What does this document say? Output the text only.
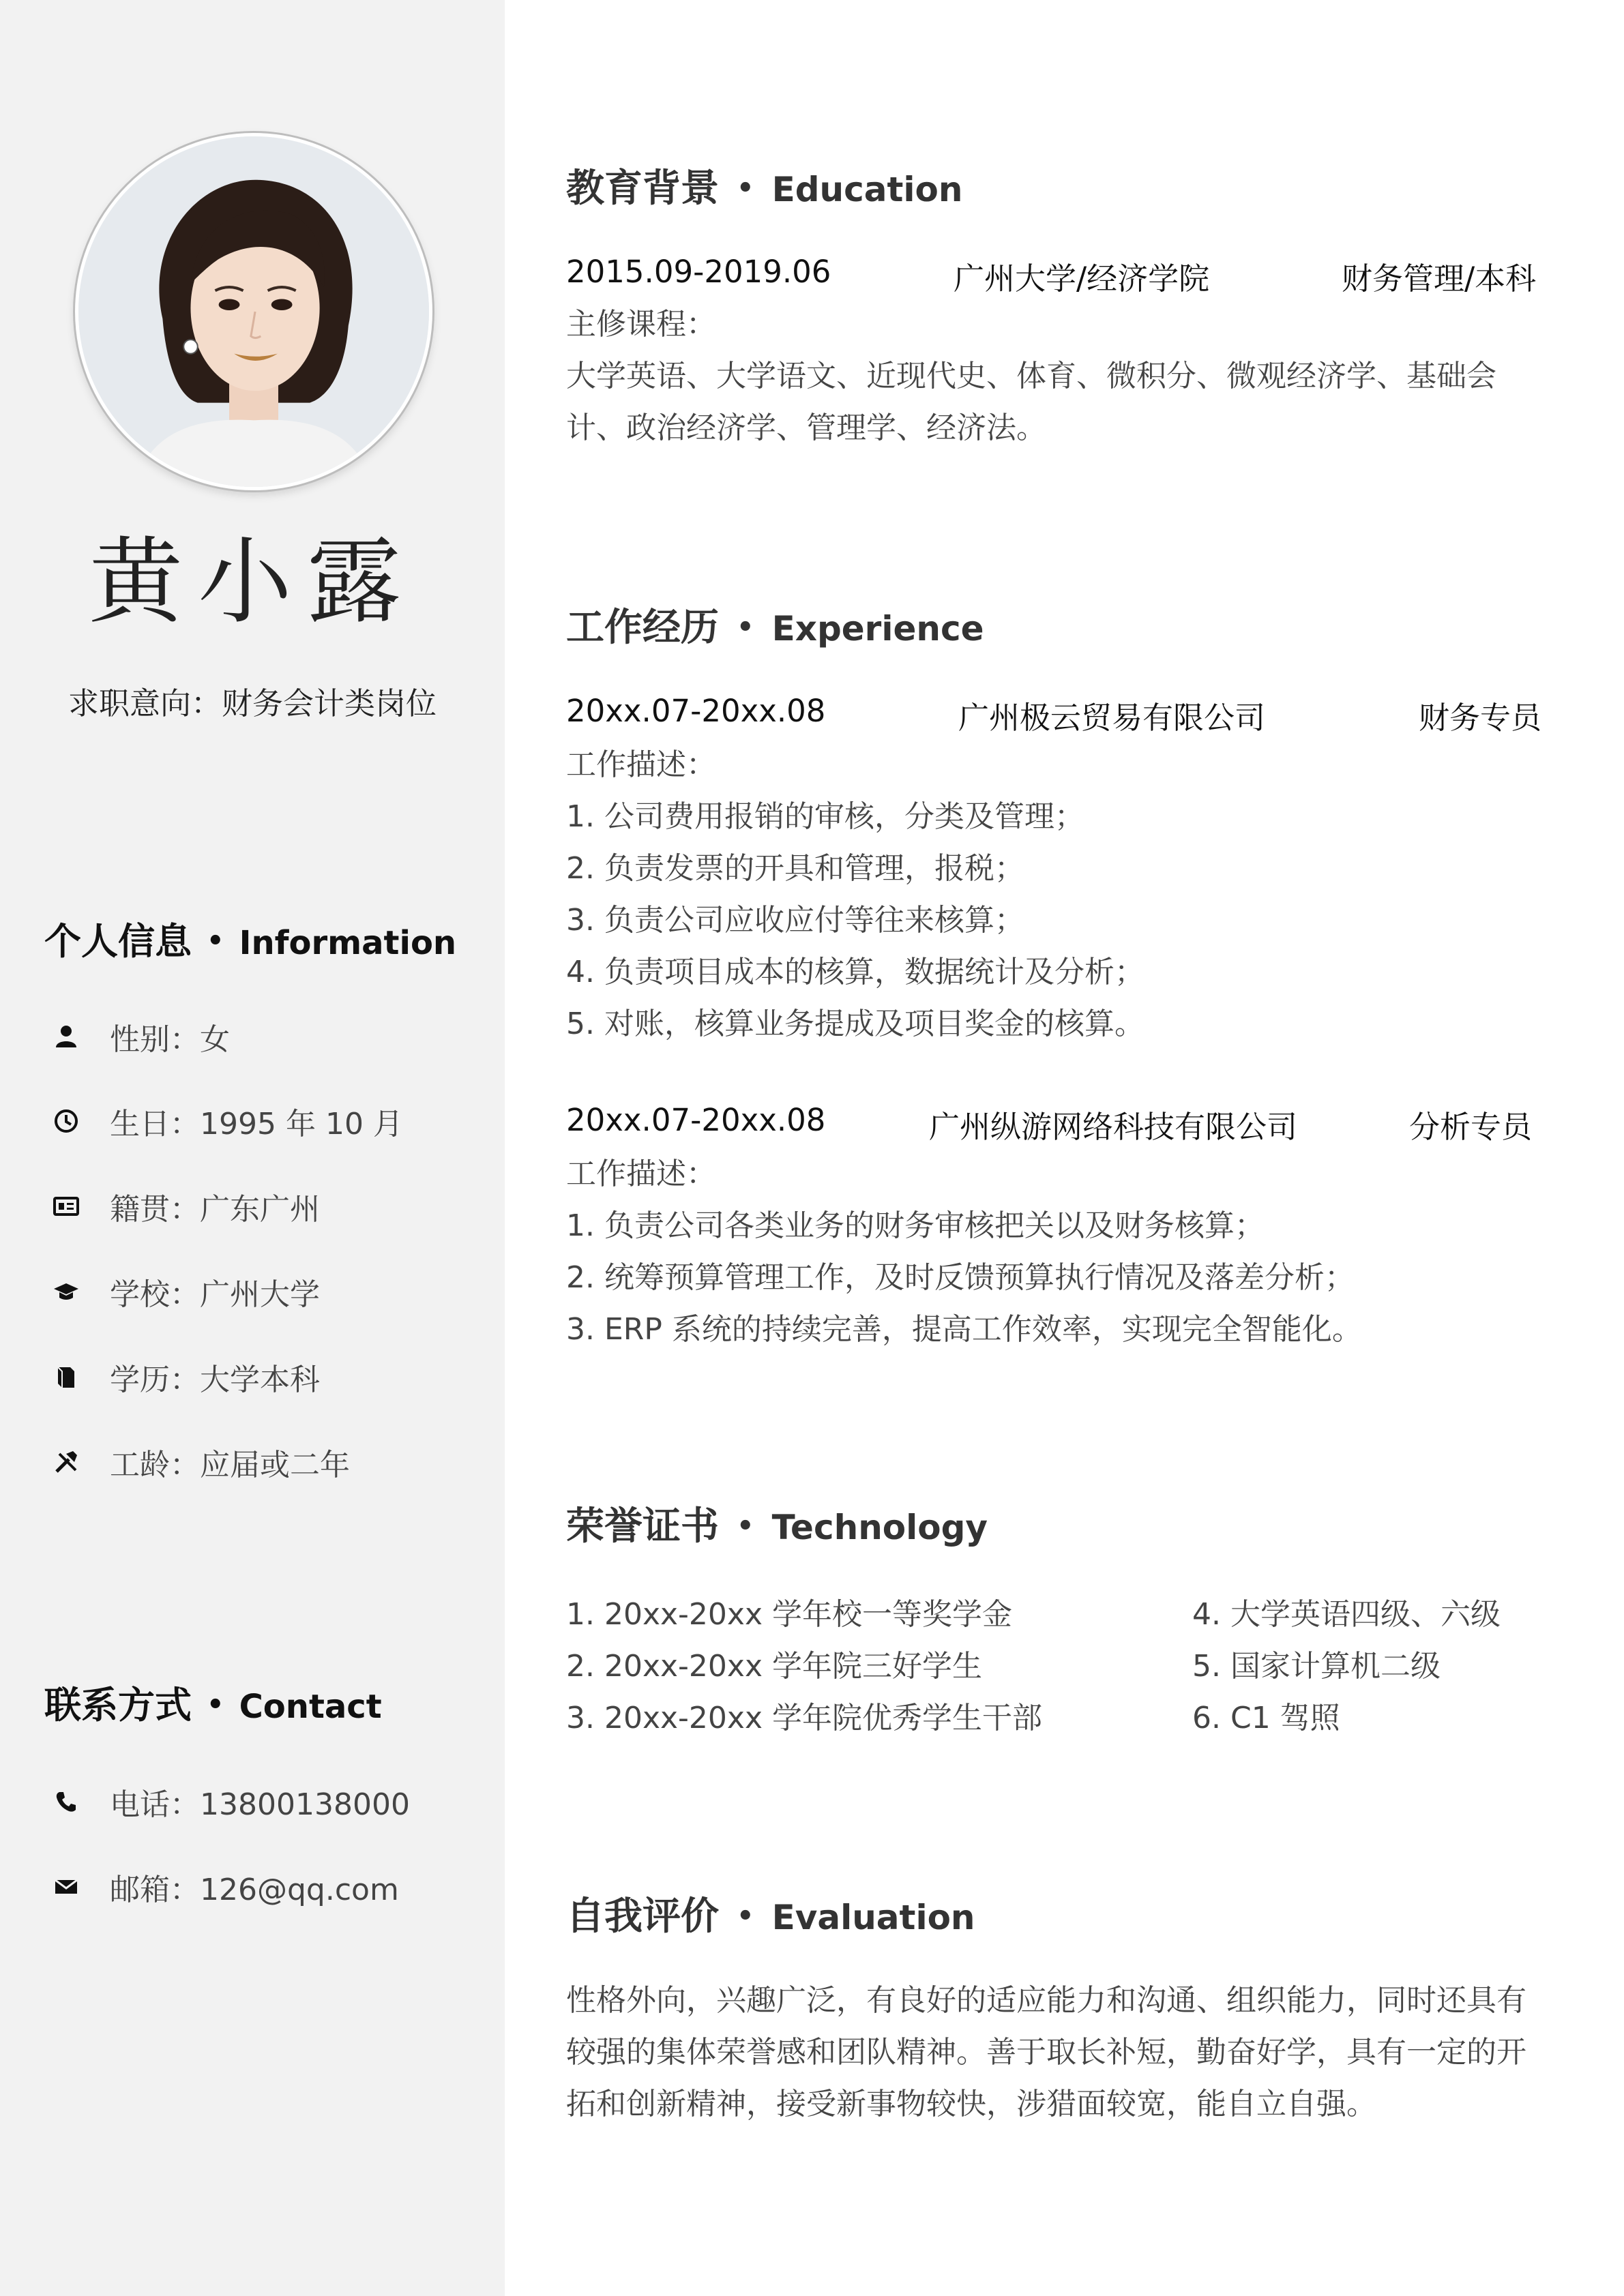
黄小露
求职意向：财务会计类岗位
个人信息 • Information
性别：女
生日：1995 年 10 月
籍贯：广东广州
学校：广州大学
学历：大学本科
工龄：应届或二年
联系方式 • Contact
电话：13800138000
邮箱：126@qq.com
教育背景 • Education
2015.09-2019.06	广州大学/经济学院	财务管理/本科
主修课程：
大学英语、大学语文、近现代史、体育、微积分、微观经济学、基础会计、政治经济学、管理学、经济法。
工作经历 • Experience
20xx.07-20xx.08	广州极云贸易有限公司	财务专员
工作描述：
1. 公司费用报销的审核，分类及管理；
2. 负责发票的开具和管理，报税；
3. 负责公司应收应付等往来核算；
4. 负责项目成本的核算，数据统计及分析；
5. 对账，核算业务提成及项目奖金的核算。
20xx.07-20xx.08	广州纵游网络科技有限公司	分析专员
工作描述：
1. 负责公司各类业务的财务审核把关以及财务核算；
2. 统筹预算管理工作，及时反馈预算执行情况及落差分析；
3. ERP 系统的持续完善，提高工作效率，实现完全智能化。
荣誉证书 • Technology
1. 20xx-20xx 学年校一等奖学金
2. 20xx-20xx 学年院三好学生
3. 20xx-20xx 学年院优秀学生干部
4. 大学英语四级、六级
5. 国家计算机二级
6. C1 驾照
自我评价 • Evaluation
性格外向，兴趣广泛，有良好的适应能力和沟通、组织能力，同时还具有较强的集体荣誉感和团队精神。善于取长补短，勤奋好学，具有一定的开拓和创新精神，接受新事物较快，涉猎面较宽，能自立自强。
